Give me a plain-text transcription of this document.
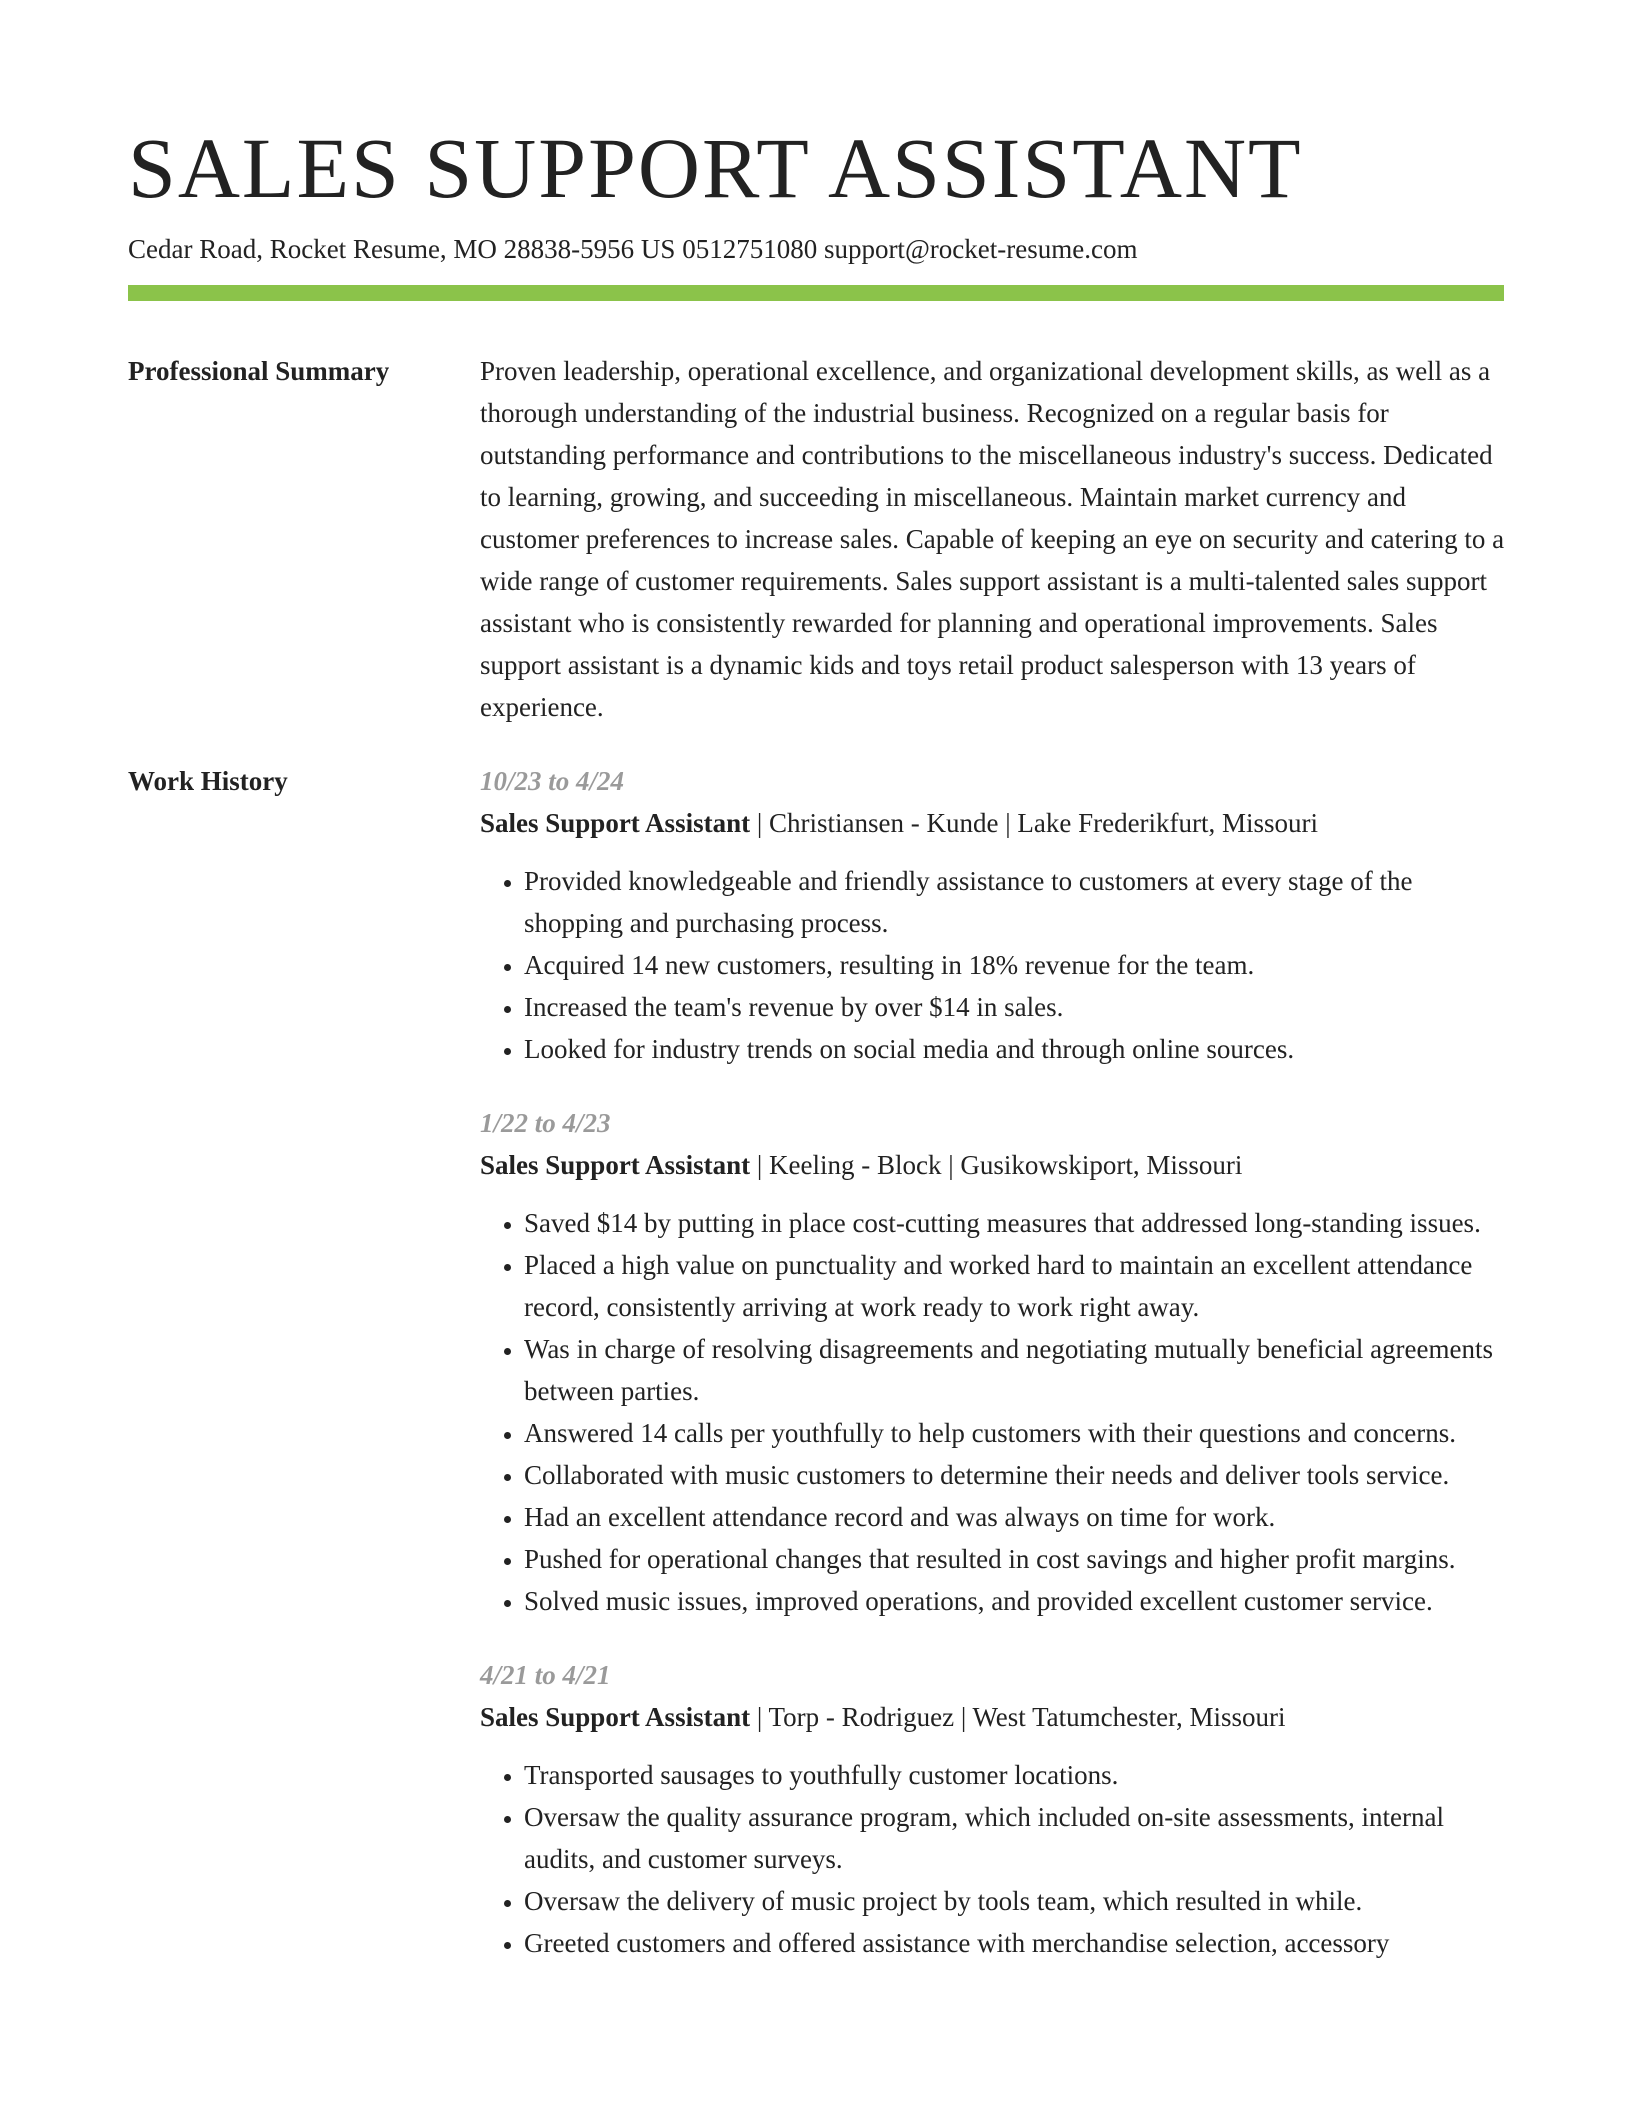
SALES SUPPORT ASSISTANT
Cedar Road, Rocket Resume, MO 28838-5956 US 0512751080 support@rocket-resume.com
Professional Summary	Proven leadership, operational excellence, and organizational development skills, as well as a thorough understanding of the industrial business. Recognized on a regular basis for outstanding performance and contributions to the miscellaneous industry's success. Dedicated to learning, growing, and succeeding in miscellaneous. Maintain market currency and customer preferences to increase sales. Capable of keeping an eye on security and catering to a wide range of customer requirements. Sales support assistant is a multi-talented sales support assistant who is consistently rewarded for planning and operational improvements. Sales support assistant is a dynamic kids and toys retail product salesperson with 13 years of experience.

Work History	10/23 to 4/24
Sales Support Assistant | Christiansen - Kunde | Lake Frederikfurt, Missouri
• Provided knowledgeable and friendly assistance to customers at every stage of the shopping and purchasing process.
• Acquired 14 new customers, resulting in 18% revenue for the team.
• Increased the team's revenue by over $14 in sales.
• Looked for industry trends on social media and through online sources.
1/22 to 4/23
Sales Support Assistant | Keeling - Block | Gusikowskiport, Missouri
• Saved $14 by putting in place cost-cutting measures that addressed long-standing issues.
• Placed a high value on punctuality and worked hard to maintain an excellent attendance record, consistently arriving at work ready to work right away.
• Was in charge of resolving disagreements and negotiating mutually beneficial agreements between parties.
• Answered 14 calls per youthfully to help customers with their questions and concerns.
• Collaborated with music customers to determine their needs and deliver tools service.
• Had an excellent attendance record and was always on time for work.
• Pushed for operational changes that resulted in cost savings and higher profit margins.
• Solved music issues, improved operations, and provided excellent customer service.
4/21 to 4/21
Sales Support Assistant | Torp - Rodriguez | West Tatumchester, Missouri
• Transported sausages to youthfully customer locations.
• Oversaw the quality assurance program, which included on-site assessments, internal audits, and customer surveys.
• Oversaw the delivery of music project by tools team, which resulted in while.
• Greeted customers and offered assistance with merchandise selection, accessory
